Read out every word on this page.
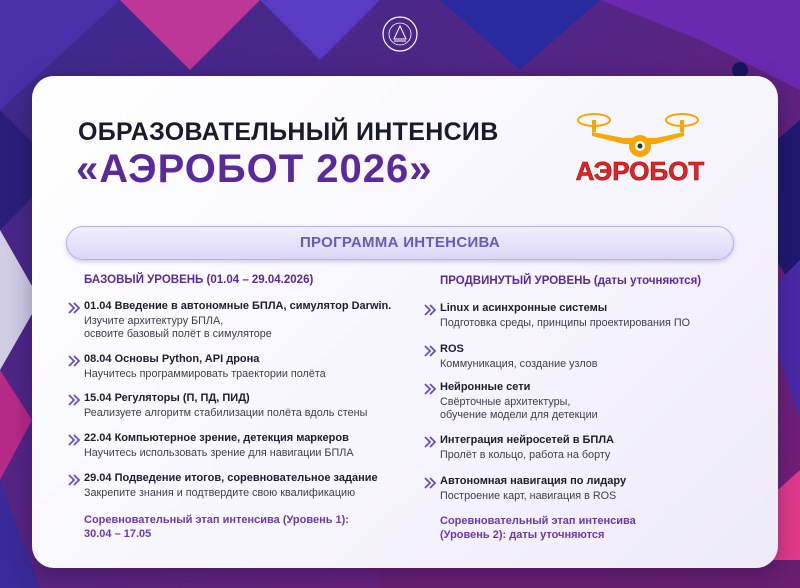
ОБРАЗОВАТЕЛЬНЫЙ ИНТЕНСИВ
«АЭРОБОТ 2026»	АЭРОБОТ
ПРОГРАММА ИНТЕНСИВА
БАЗОВЫЙ УРОВЕНЬ (01.04 – 29.04.2026)
01.04 Введение в автономные БПЛА, симулятор Darwin.
Изучите архитектуру БПЛА,
освоите базовый полёт в симуляторе
08.04 Основы Python, API дрона
Научитесь программировать траектории полёта
15.04 Регуляторы (П, ПД, ПИД)
Реализуете алгоритм стабилизации полёта вдоль стены
22.04 Компьютерное зрение, детекция маркеров
Научитесь использовать зрение для навигации БПЛА
29.04 Подведение итогов, соревновательное задание
Закрепите знания и подтвердите свою квалификацию
Соревновательный этап интенсива (Уровень 1):
30.04 – 17.05
ПРОДВИНУТЫЙ УРОВЕНЬ (даты уточняются)
Linux и асинхронные системы
Подготовка среды, принципы проектирования ПО
ROS
Коммуникация, создание узлов
Нейронные сети
Свёрточные архитектуры,
обучение модели для детекции
Интеграция нейросетей в БПЛА
Пролёт в кольцо, работа на борту
Автономная навигация по лидару
Построение карт, навигация в ROS
Соревновательный этап интенсива
(Уровень 2): даты уточняются
